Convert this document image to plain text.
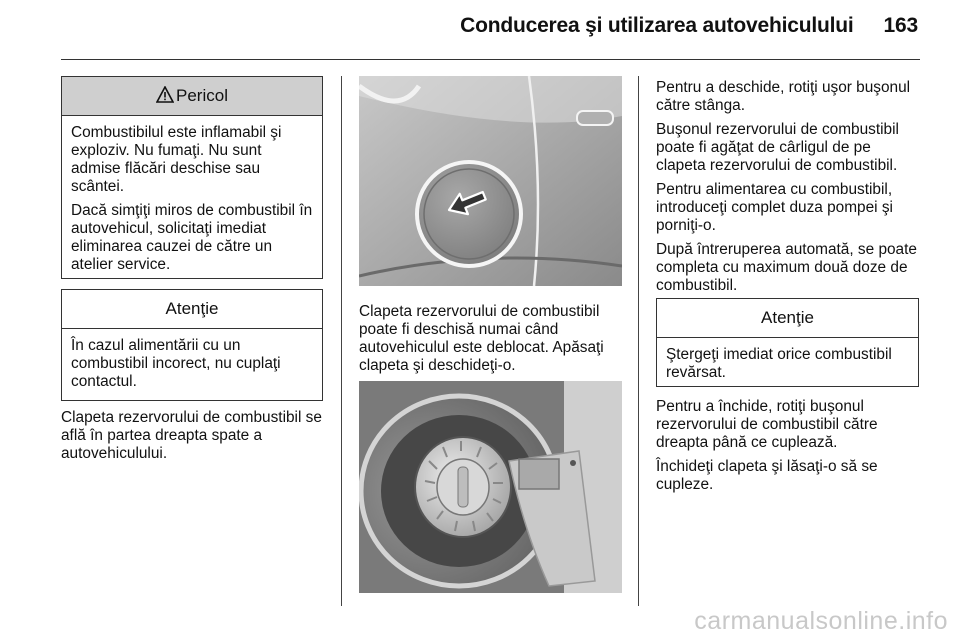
Conducerea şi utilizarea autovehiculului 163
Pericol

Combustibilul este inflamabil şi exploziv. Nu fumaţi. Nu sunt admise flăcări deschise sau scântei.

Dacă simţiţi miros de combustibil în autovehicul, solicitaţi imediat eliminarea cauzei de către un atelier service.

Atenţie

În cazul alimentării cu un combustibil incorect, nu cuplaţi contactul.

Clapeta rezervorului de combustibil se află în partea dreapta spate a autovehiculului.

Clapeta rezervorului de combustibil poate fi deschisă numai când autovehiculul este deblocat. Apăsaţi clapeta şi deschideţi-o.

Pentru a deschide, rotiţi uşor buşonul către stânga.

Buşonul rezervorului de combustibil poate fi agăţat de cârligul de pe clapeta rezervorului de combustibil.

Pentru alimentarea cu combustibil, introduceţi complet duza pompei şi porniţi-o.

După întreruperea automată, se poate completa cu maximum două doze de combustibil.

Atenţie

Ştergeţi imediat orice combustibil revărsat.

Pentru a închide, rotiţi buşonul rezervorului de combustibil către dreapta până ce cuplează.

Închideţi clapeta şi lăsaţi-o să se cupleze.

carmanualsonline.info
